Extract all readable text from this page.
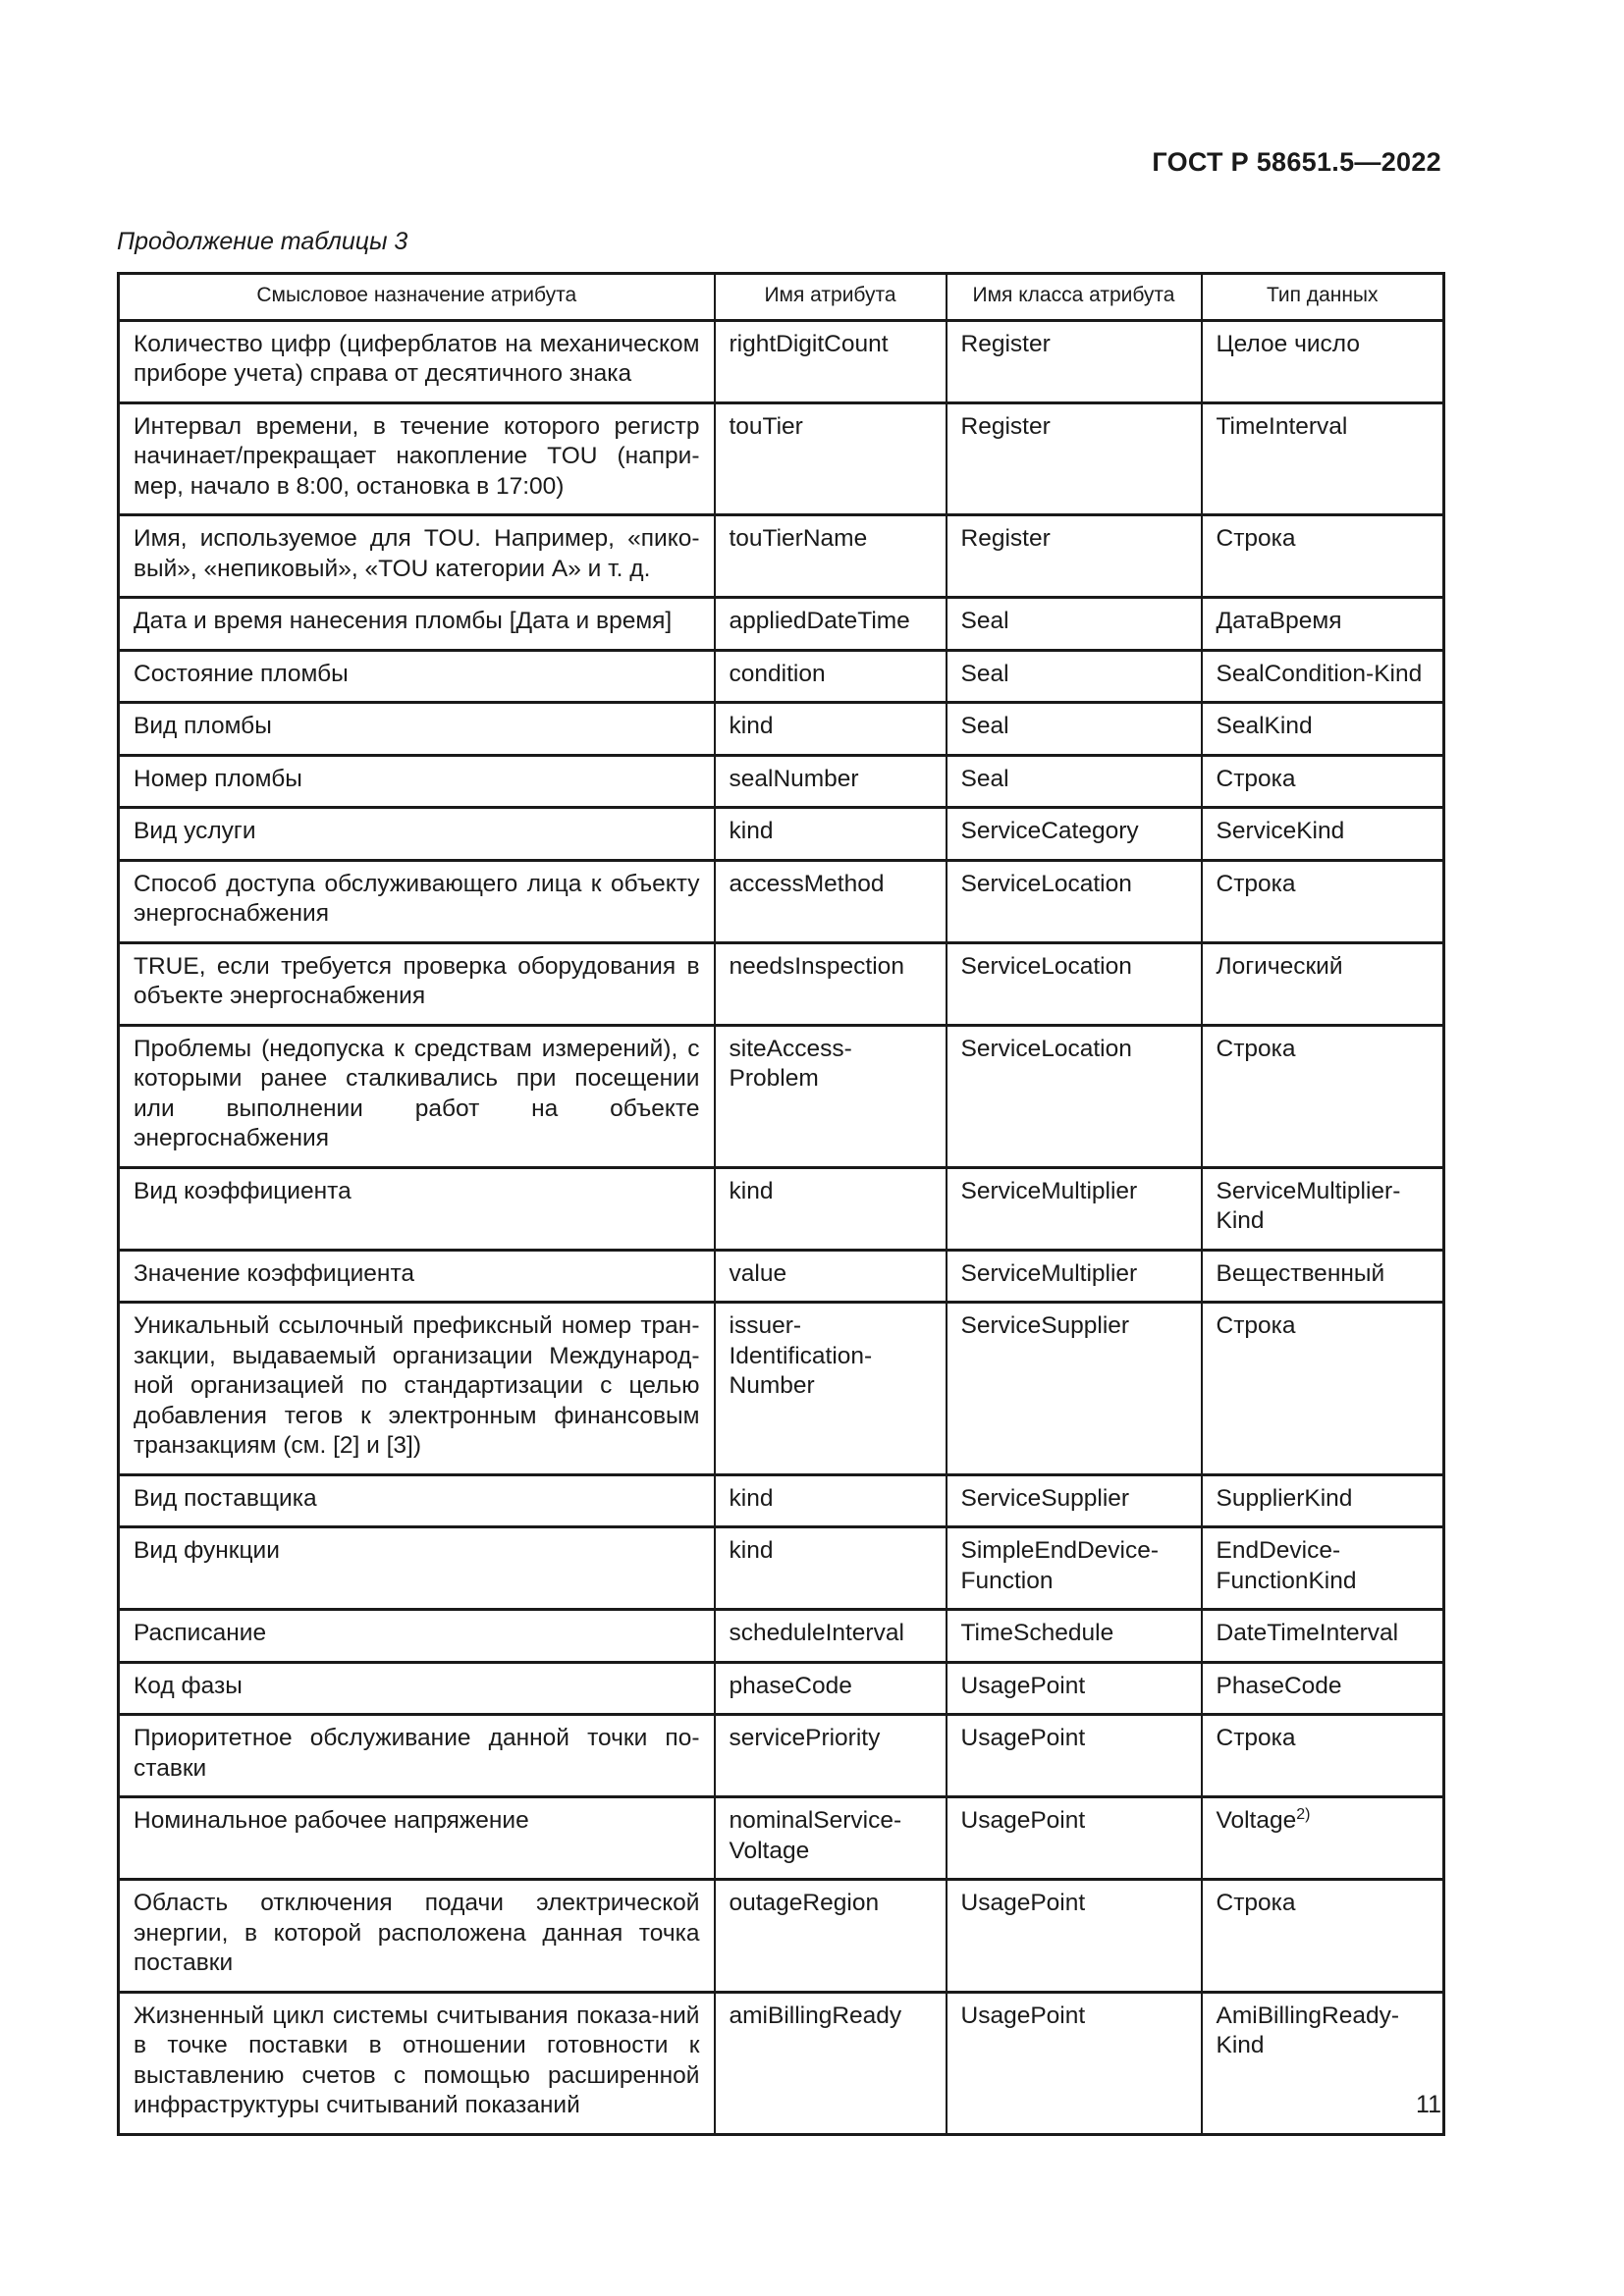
ГОСТ Р 58651.5—2022
Продолжение таблицы 3
Смысловое назначение атрибута	Имя атрибута	Имя класса атрибута	Тип данных
Количество цифр (циферблатов на механическом приборе учета) справа от десятичного знака	rightDigitCount	Register	Целое число
Интервал времени, в течение которого регистр начинает/прекращает накопление TOU (напри-мер, начало в 8:00, остановка в 17:00)	touTier	Register	TimeInterval
Имя, используемое для TOU. Например, «пико-вый», «непиковый», «TOU категории A» и т. д.	touTierName	Register	Строка
Дата и время нанесения пломбы [Дата и время]	appliedDateTime	Seal	ДатаВремя
Состояние пломбы	condition	Seal	SealCondition-Kind
Вид пломбы	kind	Seal	SealKind
Номер пломбы	sealNumber	Seal	Строка
Вид услуги	kind	ServiceCategory	ServiceKind
Способ доступа обслуживающего лица к объекту энергоснабжения	accessMethod	ServiceLocation	Строка
TRUE, если требуется проверка оборудования в объекте энергоснабжения	needsInspection	ServiceLocation	Логический
Проблемы (недопуска к средствам измерений), с которыми ранее сталкивались при посещении или выполнении работ на объекте энергоснабжения	siteAccess-Problem	ServiceLocation	Строка
Вид коэффициента	kind	ServiceMultiplier	ServiceMultiplier-Kind
Значение коэффициента	value	ServiceMultiplier	Вещественный
Уникальный ссылочный префиксный номер тран-закции, выдаваемый организации Международ-ной организацией по стандартизации с целью добавления тегов к электронным финансовым транзакциям (см. [2] и [3])	issuer-Identification-Number	ServiceSupplier	Строка
Вид поставщика	kind	ServiceSupplier	SupplierKind
Вид функции	kind	SimpleEndDevice-Function	EndDevice-FunctionKind
Расписание	scheduleInterval	TimeSchedule	DateTimeInterval
Код фазы	phaseCode	UsagePoint	PhaseCode
Приоритетное обслуживание данной точки по-ставки	servicePriority	UsagePoint	Строка
Номинальное рабочее напряжение	nominalService-Voltage	UsagePoint	Voltage$^{2)}$
Область отключения подачи электрической энергии, в которой расположена данная точка поставки	outageRegion	UsagePoint	Строка
Жизненный цикл системы считывания показа-ний в точке поставки в отношении готовности к выставлению счетов с помощью расширенной инфраструктуры считываний показаний	amiBillingReady	UsagePoint	AmiBillingReady-Kind
11
